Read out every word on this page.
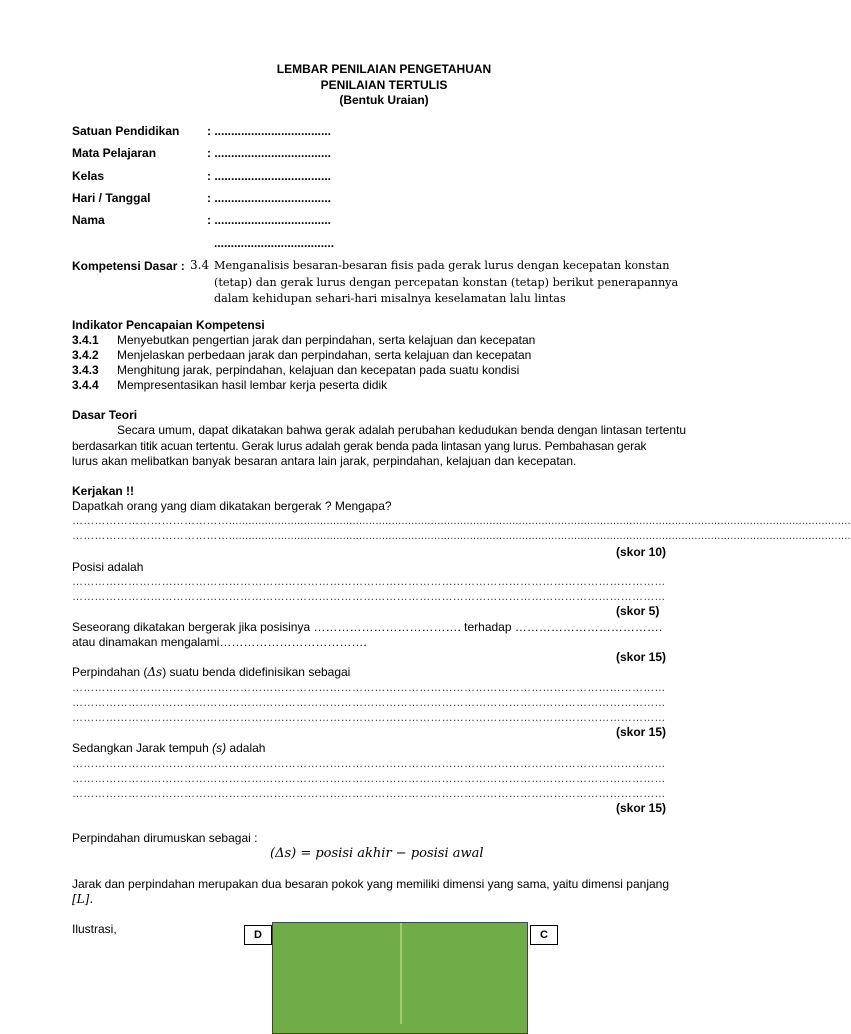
LEMBAR PENILAIAN PENGETAHUAN
PENILAIAN TERTULIS
(Bentuk Uraian)
Satuan Pendidikan : ...................................
Mata Pelajaran	: ...................................
Kelas	: ...................................
Hari / Tanggal	: ...................................
Nama	: ...................................
....................................
Kompetensi Dasar : 3.4 Menganalisis besaran-besaran fisis pada gerak lurus dengan kecepatan konstan
(tetap) dan gerak lurus dengan percepatan konstan (tetap) berikut penerapannya
dalam kehidupan sehari-hari misalnya keselamatan lalu lintas
Indikator Pencapaian Kompetensi
3.4.1 Menyebutkan pengertian jarak dan perpindahan, serta kelajuan dan kecepatan
3.4.2 Menjelaskan perbedaan jarak dan perpindahan, serta kelajuan dan kecepatan
3.4.3 Menghitung jarak, perpindahan, kelajuan dan kecepatan pada suatu kondisi
3.4.4 Mempresentasikan hasil lembar kerja peserta didik
Dasar Teori
Secara umum, dapat dikatakan bahwa gerak adalah perubahan kedudukan benda dengan lintasan tertentu
berdasarkan titik acuan tertentu. Gerak lurus adalah gerak benda pada lintasan yang lurus. Pembahasan gerak
lurus akan melibatkan banyak besaran antara lain jarak, perpindahan, kelajuan dan kecepatan.
Kerjakan !!
Dapatkah orang yang diam dikatakan bergerak ? Mengapa?
……………………………………...............................................................................................................................................................................................
……………………………………...............................................................................................................................................................................................
(skor 10)
Posisi adalah
……………………………………………………………………………………………………………………………………………
……………………………………………………………………………………………………………………………………………
(skor 5)
Seseorang dikatakan bergerak jika posisinya ………………………………. terhadap ……………………………….
atau dinamakan mengalami……………………………….
(skor 15)
Perpindahan (Δs) suatu benda didefinisikan sebagai
……………………………………………………………………………………………………………………………………………
……………………………………………………………………………………………………………………………………………
……………………………………………………………………………………………………………………………………………
(skor 15)
Sedangkan Jarak tempuh (s) adalah
……………………………………………………………………………………………………………………………………………
……………………………………………………………………………………………………………………………………………
……………………………………………………………………………………………………………………………………………
(skor 15)
Perpindahan dirumuskan sebagai :
(Δs) = posisi akhir − posisi awal
Jarak dan perpindahan merupakan dua besaran pokok yang memiliki dimensi yang sama, yaitu dimensi panjang
[L].
Ilustrasi,	D	C
